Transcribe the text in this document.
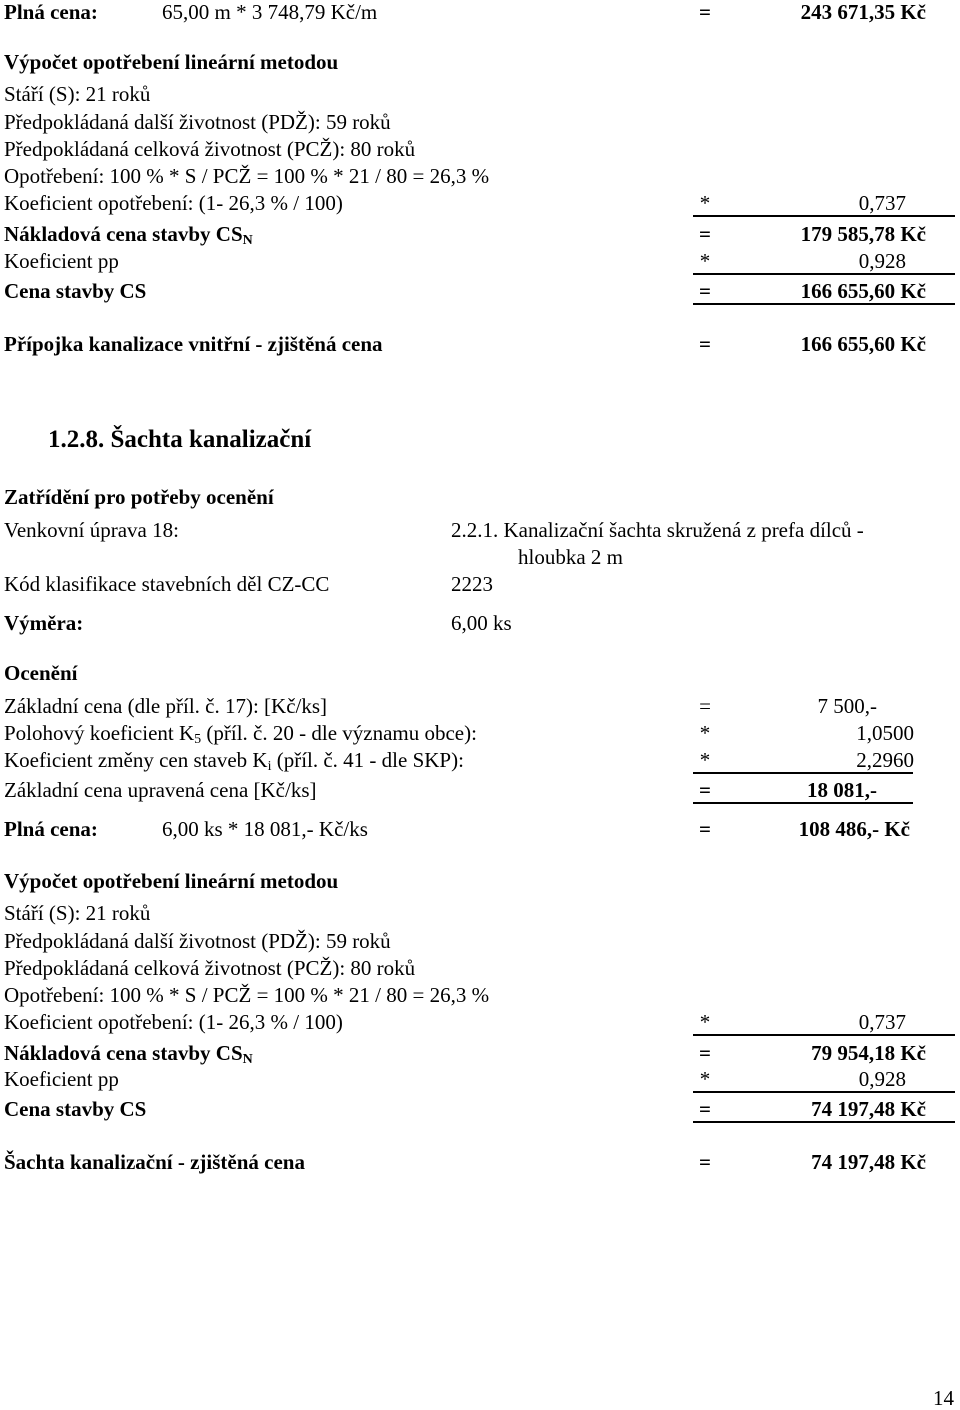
Plná cena:	65,00 m * 3 748,79 Kč/m	=	243 671,35 Kč
Výpočet opotřebení lineární metodou
Stáří (S): 21 roků
Předpokládaná další životnost (PDŽ): 59 roků
Předpokládaná celková životnost (PCŽ): 80 roků
Opotřebení: 100 % * S / PCŽ = 100 % * 21 / 80 = 26,3 %
Koeficient opotřebení: (1- 26,3 % / 100)	*	0,737
Nákladová cena stavby $CS_N$	=	179 585,78 Kč
Koeficient pp	*	0,928
Cena stavby CS	=	166 655,60 Kč
Přípojka kanalizace vnitřní - zjištěná cena	=	166 655,60 Kč
1.2.8. Šachta kanalizační
Zatřídění pro potřeby ocenění
Venkovní úprava 18:	2.2.1. Kanalizační šachta skružená z prefa dílců -
hloubka 2 m
Kód klasifikace stavebních děl CZ-CC	2223
Výměra:	6,00 ks
Ocenění
Základní cena (dle příl. č. 17): [Kč/ks]	=	7 500,-
Polohový koeficient $K_5$ (příl. č. 20 - dle významu obce):	*	1,0500
Koeficient změny cen staveb $K_i$ (příl. č. 41 - dle SKP):	*	2,2960
Základní cena upravená cena [Kč/ks]	=	18 081,-
Plná cena:	6,00 ks * 18 081,- Kč/ks	=	108 486,- Kč
Výpočet opotřebení lineární metodou
Stáří (S): 21 roků
Předpokládaná další životnost (PDŽ): 59 roků
Předpokládaná celková životnost (PCŽ): 80 roků
Opotřebení: 100 % * S / PCŽ = 100 % * 21 / 80 = 26,3 %
Koeficient opotřebení: (1- 26,3 % / 100)	*	0,737
Nákladová cena stavby $CS_N$	=	79 954,18 Kč
Koeficient pp	*	0,928
Cena stavby CS	=	74 197,48 Kč
Šachta kanalizační - zjištěná cena	=	74 197,48 Kč
14
